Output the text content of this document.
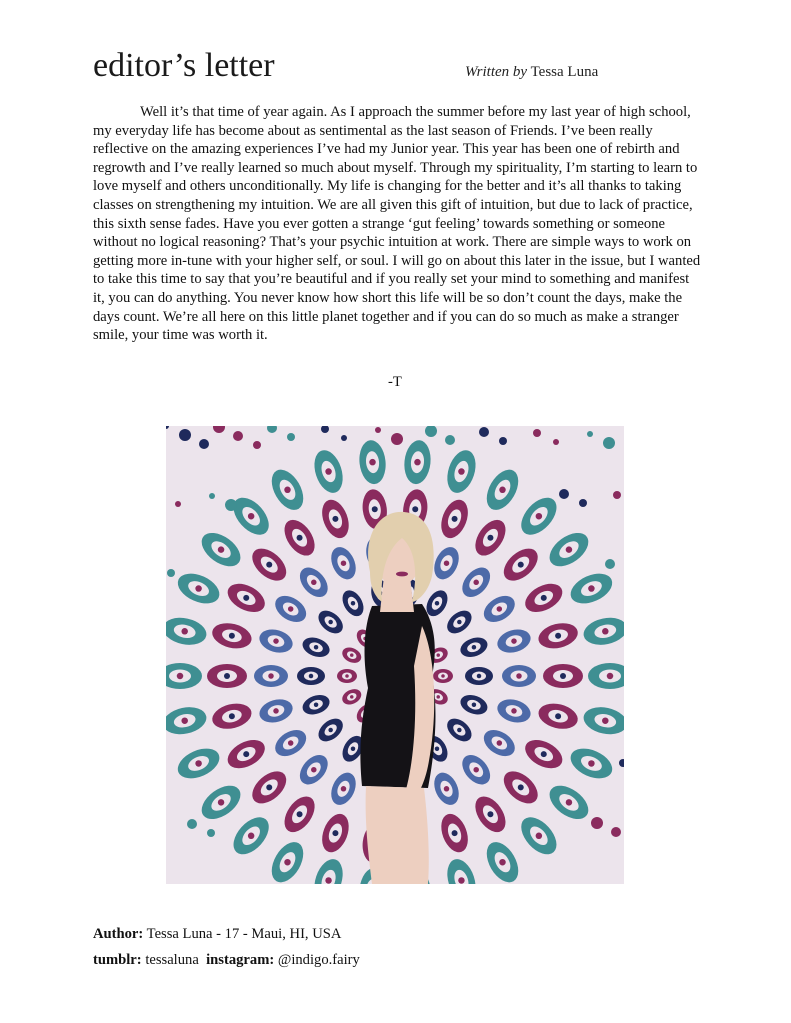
editor’s letter	Written by Tessa Luna

Well it’s that time of year again. As I approach the summer before my last year of high school, my everyday life has become about as sentimental as the last season of Friends. I’ve been really reflective on the amazing experiences I’ve had my Junior year. This year has been one of rebirth and regrowth and I’ve really learned so much about myself. Through my spirituality, I’m starting to learn to love myself and others unconditionally. My life is changing for the better and it’s all thanks to taking classes on strengthening my intuition. We are all given this gift of intuition, but due to lack of practice, this sixth sense fades. Have you ever gotten a strange ‘gut feeling’ towards something or someone without no logical reasoning? That’s your psychic intuition at work. There are simple ways to work on getting more in-tune with your higher self, or soul. I will go on about this later in the issue, but I wanted to take this time to say that you’re beautiful and if you really set your mind to something and manifest it, you can do anything. You never know how short this life will be so don’t count the days, make the days count. We’re all here on this little planet together and if you can do so much as make a stranger smile, your time was worth it.

-T
Author: Tessa Luna - 17 - Maui, HI, USA
tumblr: tessaluna instagram: @indigo.fairy
